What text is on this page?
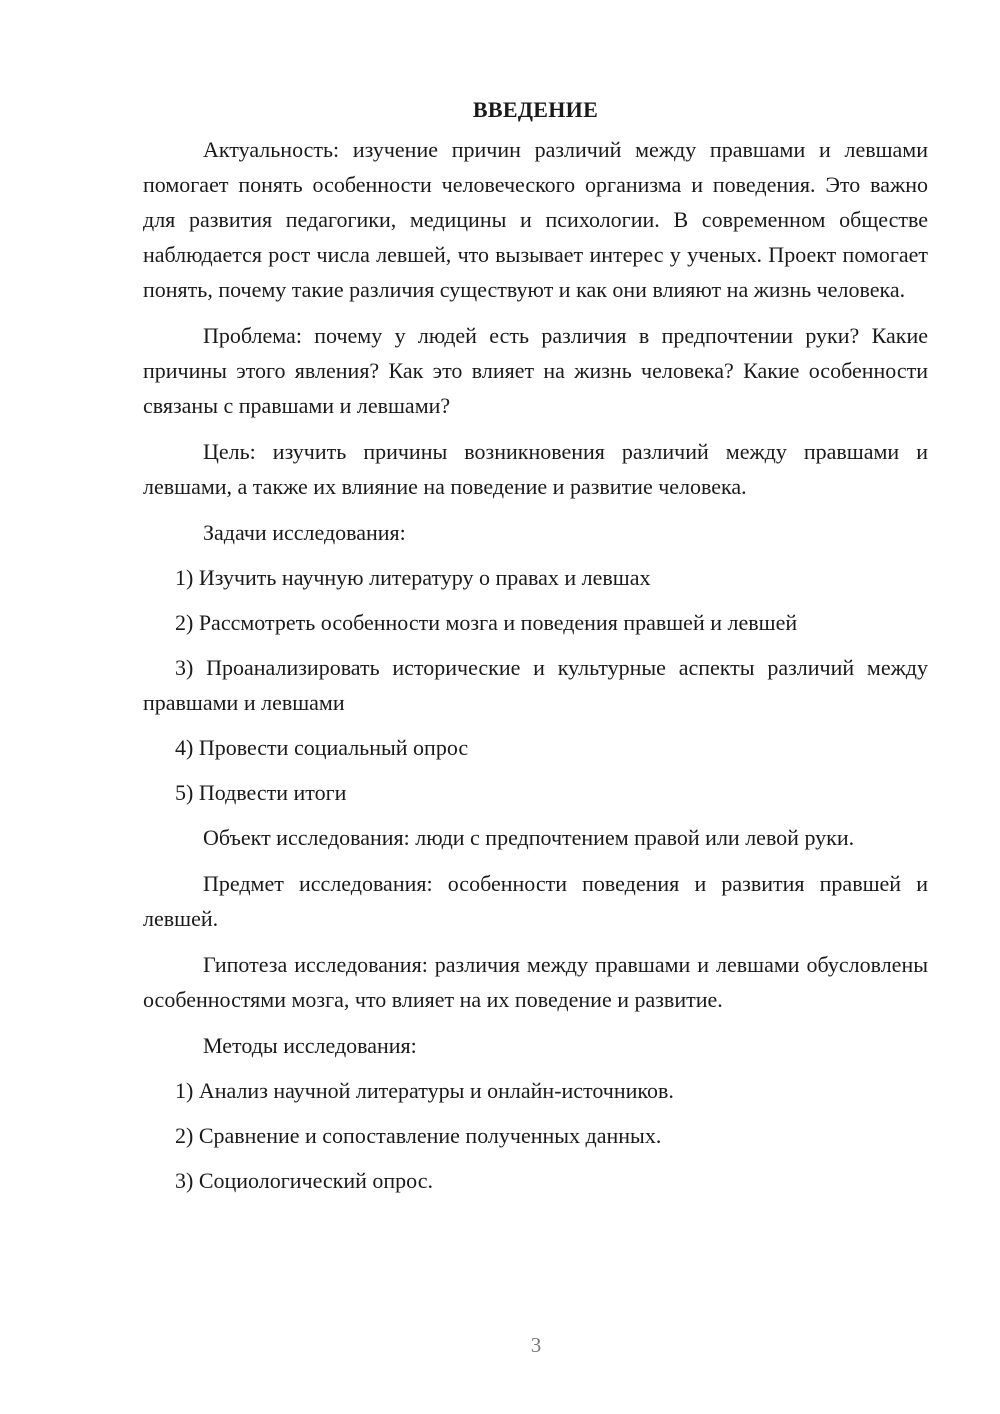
ВВЕДЕНИЕ

Актуальность: изучение причин различий между правшами и левшами помогает понять особенности человеческого организма и поведения. Это важно для развития педагогики, медицины и психологии. В современном обществе наблюдается рост числа левшей, что вызывает интерес у ученых. Проект помогает понять, почему такие различия существуют и как они влияют на жизнь человека.

Проблема: почему у людей есть различия в предпочтении руки? Какие причины этого явления? Как это влияет на жизнь человека? Какие особенности связаны с правшами и левшами?

Цель: изучить причины возникновения различий между правшами и левшами, а также их влияние на поведение и развитие человека.

Задачи исследования:

1) Изучить научную литературу о правах и левшах

2) Рассмотреть особенности мозга и поведения правшей и левшей

3) Проанализировать исторические и культурные аспекты различий между правшами и левшами

4) Провести социальный опрос

5) Подвести итоги

Объект исследования: люди с предпочтением правой или левой руки.

Предмет исследования: особенности поведения и развития правшей и левшей.

Гипотеза исследования: различия между правшами и левшами обусловлены особенностями мозга, что влияет на их поведение и развитие.

Методы исследования:

1) Анализ научной литературы и онлайн-источников.

2) Сравнение и сопоставление полученных данных.

3) Социологический опрос.

3
